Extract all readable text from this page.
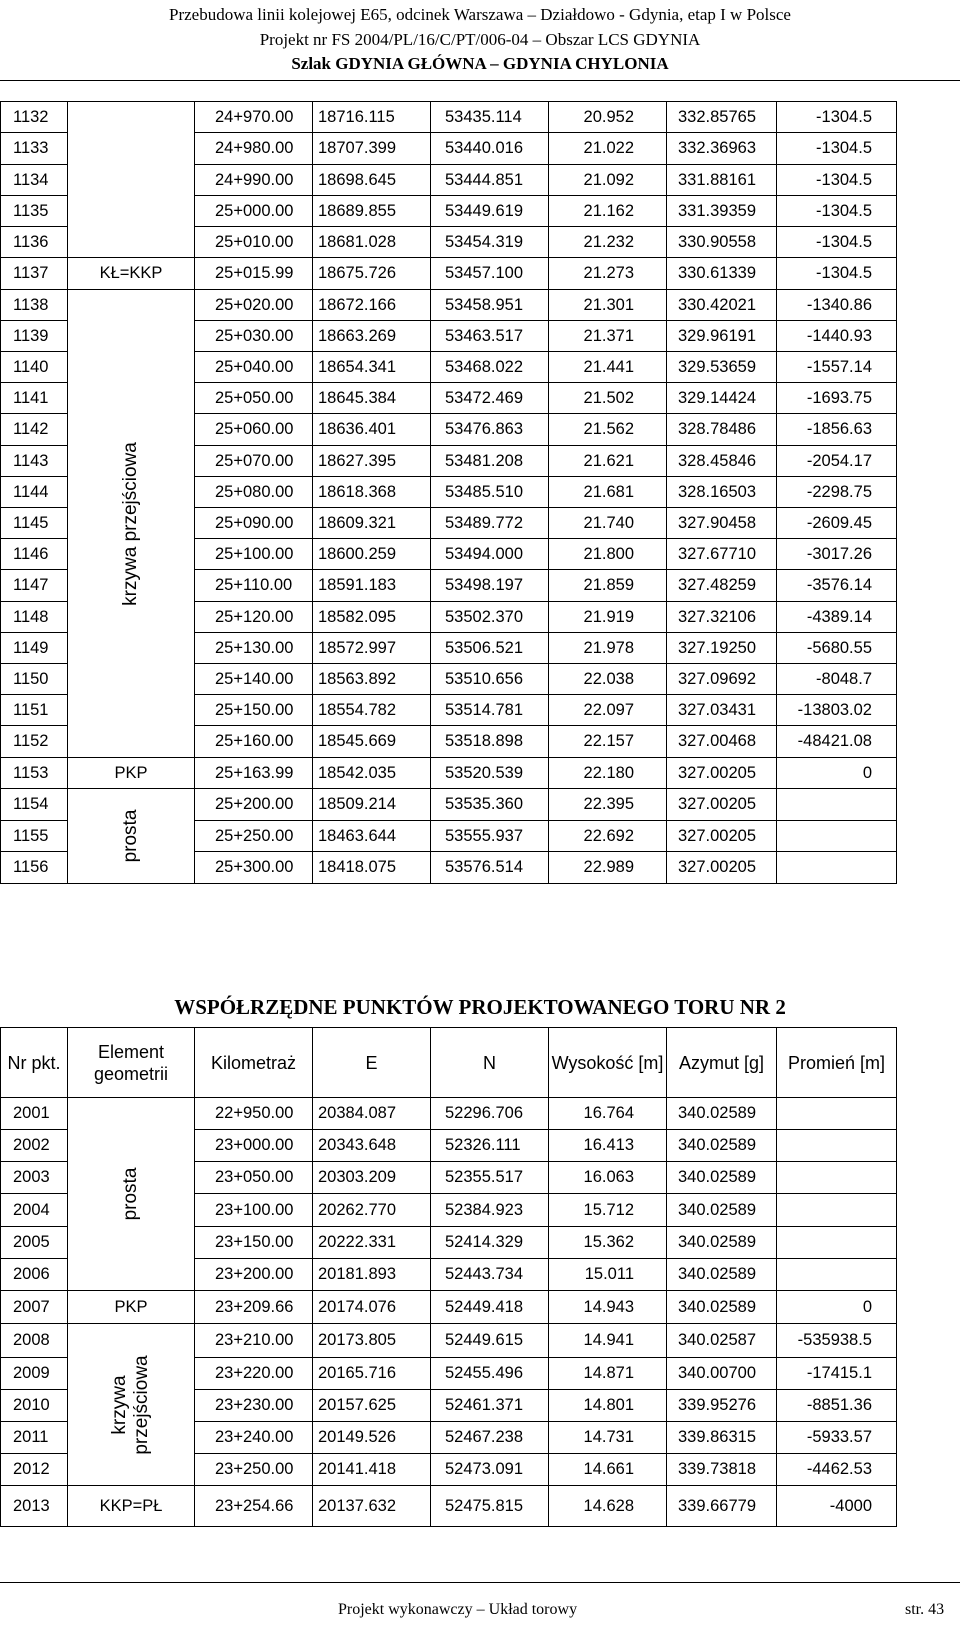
Przebudowa linii kolejowej E65, odcinek Warszawa – Działdowo - Gdynia, etap I w Polsce
Projekt nr FS 2004/PL/16/C/PT/006-04 – Obszar LCS GDYNIA
Szlak GDYNIA GŁÓWNA – GDYNIA CHYLONIA
1132		24+970.00	18716.115	53435.114	20.952	332.85765	-1304.5
1133		24+980.00	18707.399	53440.016	21.022	332.36963	-1304.5
1134		24+990.00	18698.645	53444.851	21.092	331.88161	-1304.5
1135		25+000.00	18689.855	53449.619	21.162	331.39359	-1304.5
1136		25+010.00	18681.028	53454.319	21.232	330.90558	-1304.5
1137	KŁ=KKP	25+015.99	18675.726	53457.100	21.273	330.61339	-1304.5
1138	krzywa przejściowa	25+020.00	18672.166	53458.951	21.301	330.42021	-1340.86
1139		25+030.00	18663.269	53463.517	21.371	329.96191	-1440.93
1140		25+040.00	18654.341	53468.022	21.441	329.53659	-1557.14
1141		25+050.00	18645.384	53472.469	21.502	329.14424	-1693.75
1142		25+060.00	18636.401	53476.863	21.562	328.78486	-1856.63
1143		25+070.00	18627.395	53481.208	21.621	328.45846	-2054.17
1144		25+080.00	18618.368	53485.510	21.681	328.16503	-2298.75
1145		25+090.00	18609.321	53489.772	21.740	327.90458	-2609.45
1146		25+100.00	18600.259	53494.000	21.800	327.67710	-3017.26
1147		25+110.00	18591.183	53498.197	21.859	327.48259	-3576.14
1148		25+120.00	18582.095	53502.370	21.919	327.32106	-4389.14
1149		25+130.00	18572.997	53506.521	21.978	327.19250	-5680.55
1150		25+140.00	18563.892	53510.656	22.038	327.09692	-8048.7
1151		25+150.00	18554.782	53514.781	22.097	327.03431	-13803.02
1152		25+160.00	18545.669	53518.898	22.157	327.00468	-48421.08
1153	PKP	25+163.99	18542.035	53520.539	22.180	327.00205	0
1154	prosta	25+200.00	18509.214	53535.360	22.395	327.00205	
1155		25+250.00	18463.644	53555.937	22.692	327.00205	
1156		25+300.00	18418.075	53576.514	22.989	327.00205	
WSPÓŁRZĘDNE PUNKTÓW PROJEKTOWANEGO TORU NR 2
Nr pkt.	Element geometrii	Kilometraż	E	N	Wysokość [m]	Azymut [g]	Promień [m]
2001	prosta	22+950.00	20384.087	52296.706	16.764	340.02589	
2002		23+000.00	20343.648	52326.111	16.413	340.02589	
2003		23+050.00	20303.209	52355.517	16.063	340.02589	
2004		23+100.00	20262.770	52384.923	15.712	340.02589	
2005		23+150.00	20222.331	52414.329	15.362	340.02589	
2006		23+200.00	20181.893	52443.734	15.011	340.02589	
2007	PKP	23+209.66	20174.076	52449.418	14.943	340.02589	0
2008	krzywa przejściowa	23+210.00	20173.805	52449.615	14.941	340.02587	-535938.5
2009		23+220.00	20165.716	52455.496	14.871	340.00700	-17415.1
2010		23+230.00	20157.625	52461.371	14.801	339.95276	-8851.36
2011		23+240.00	20149.526	52467.238	14.731	339.86315	-5933.57
2012		23+250.00	20141.418	52473.091	14.661	339.73818	-4462.53
2013	KKP=PŁ	23+254.66	20137.632	52475.815	14.628	339.66779	-4000
Projekt wykonawczy – Układ torowy	str. 43
